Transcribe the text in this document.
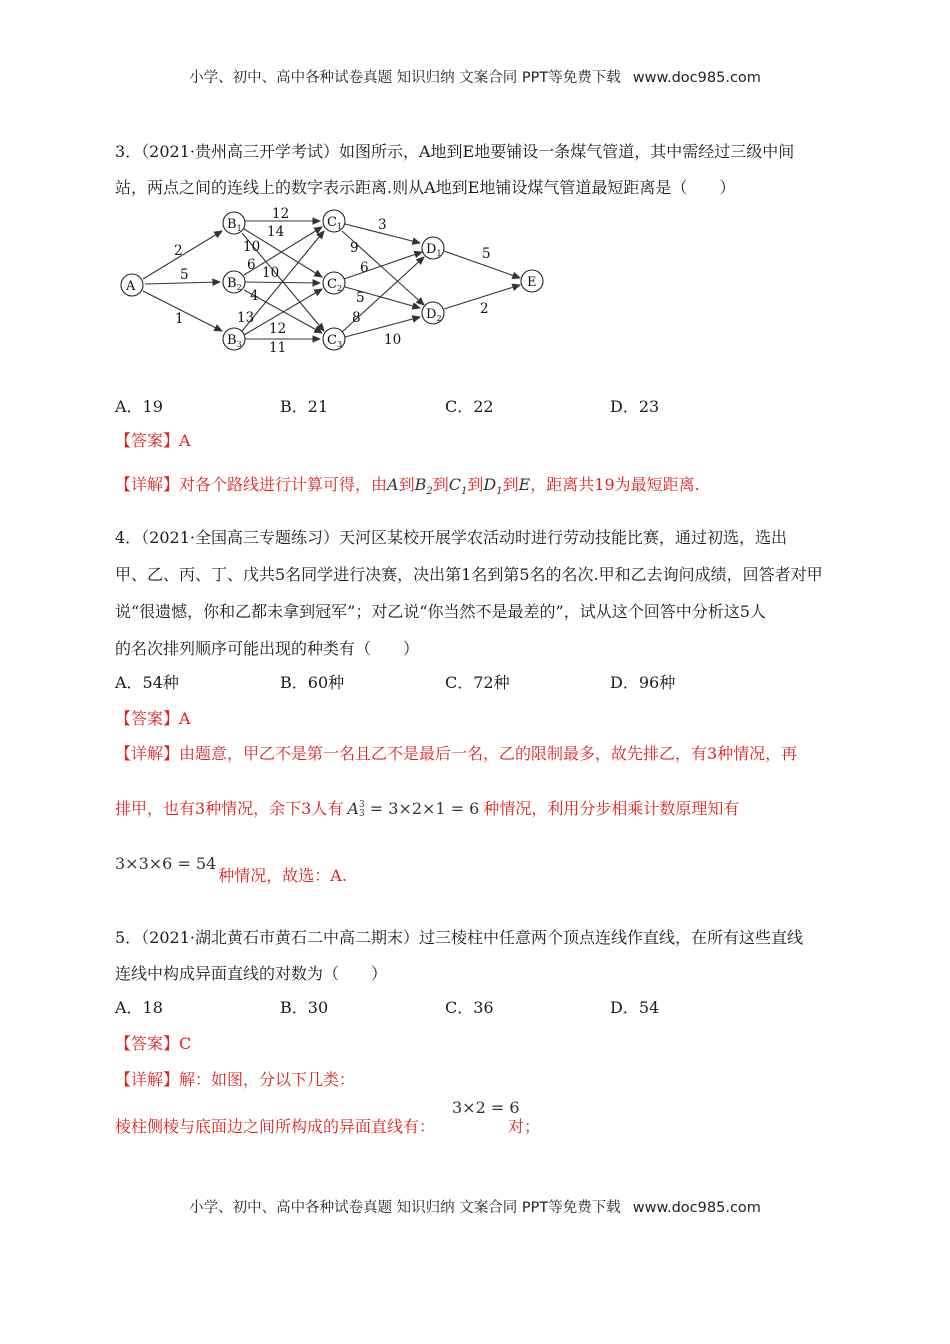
小学、初中、高中各种试卷真题 知识归纳 文案合同 PPT等免费下载 www.doc985.com
3．（2021·贵州高三开学考试）如图所示，A地到E地要铺设一条煤气管道，其中需经过三级中间
站，两点之间的连线上的数字表示距离.则从A地到E地铺设煤气管道最短距离是（　　）
A
$B_1$
$B_2$
$B_3$
$C_1$
$C_2$
$C_3$
$D_1$
$D_2$
E
2
5
1
12
14
10
6 10
4
13
12
11
3
9
6
5
8
10
5
2
A．19	B．21	C．22	D．23
【答案】A
【详解】对各个路线进行计算可得，由A到$B_2$到$C_1$到$D_1$到E，距离共19为最短距离.
4．（2021·全国高三专题练习）天河区某校开展学农活动时进行劳动技能比赛，通过初选，选出
甲、乙、丙、丁、戊共5名同学进行决赛，决出第1名到第5名的名次.甲和乙去询问成绩，回答者对甲
说“很遗憾，你和乙都未拿到冠军”；对乙说“你当然不是最差的”，试从这个回答中分析这5人
的名次排列顺序可能出现的种类有（　　）
A．54种	B．60种	C．72种	D．96种
【答案】A
【详解】由题意，甲乙不是第一名且乙不是最后一名，乙的限制最多，故先排乙，有3种情况，再
排甲，也有3种情况，余下3人有 A 3
3 = 3×2×1 = 6 种情况，利用分步相乘计数原理知有
3×3×6 = 54种情况，故选：A.
5．（2021·湖北黄石市黄石二中高二期末）过三棱柱中任意两个顶点连线作直线，在所有这些直线
连线中构成异面直线的对数为（　　）
A．18	B．30	C．36	D．54
【答案】C
【详解】解：如图，分以下几类：
3×2 = 6
棱柱侧棱与底面边之间所构成的异面直线有：	对；
小学、初中、高中各种试卷真题 知识归纳 文案合同 PPT等免费下载 www.doc985.com
